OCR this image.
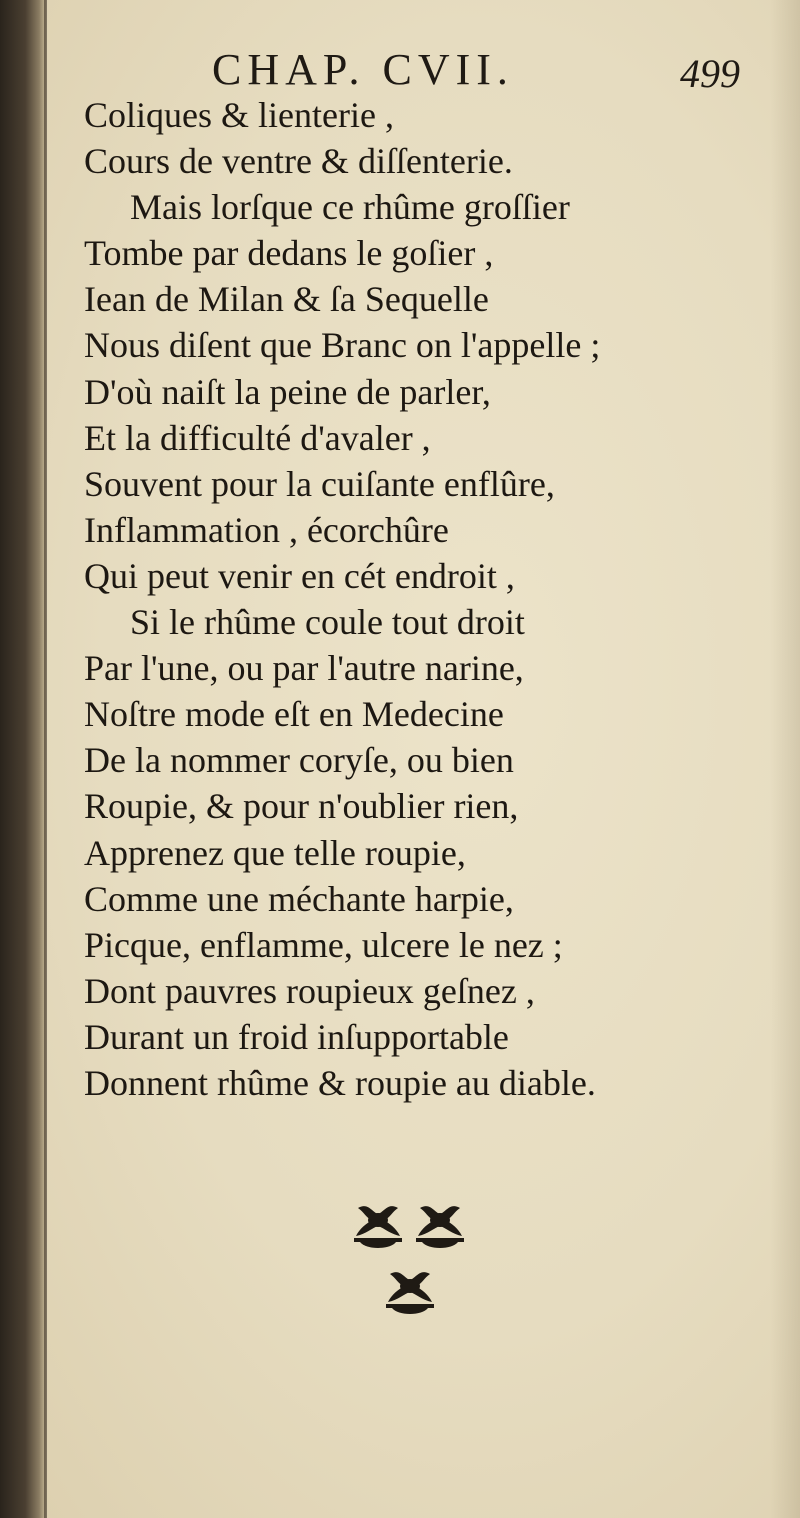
CHAP. CVII.	499
Coliques & lienterie ,
Cours de ventre & diſſenterie.
Mais lorſque ce rhûme groſſier
Tombe par dedans le goſier ,
Iean de Milan & ſa Sequelle
Nous diſent que Branc on l'appelle ;
D'où naiſt la peine de parler,
Et la difficulté d'avaler ,
Souvent pour la cuiſante enflûre,
Inflammation , écorchûre
Qui peut venir en cét endroit ,
Si le rhûme coule tout droit
Par l'une, ou par l'autre narine,
Noſtre mode eſt en Medecine
De la nommer coryſe, ou bien
Roupie, & pour n'oublier rien,
Apprenez que telle roupie,
Comme une méchante harpie,
Picque, enflamme, ulcere le nez ;
Dont pauvres roupieux geſnez ,
Durant un froid inſupportable
Donnent rhûme & roupie au diable.
